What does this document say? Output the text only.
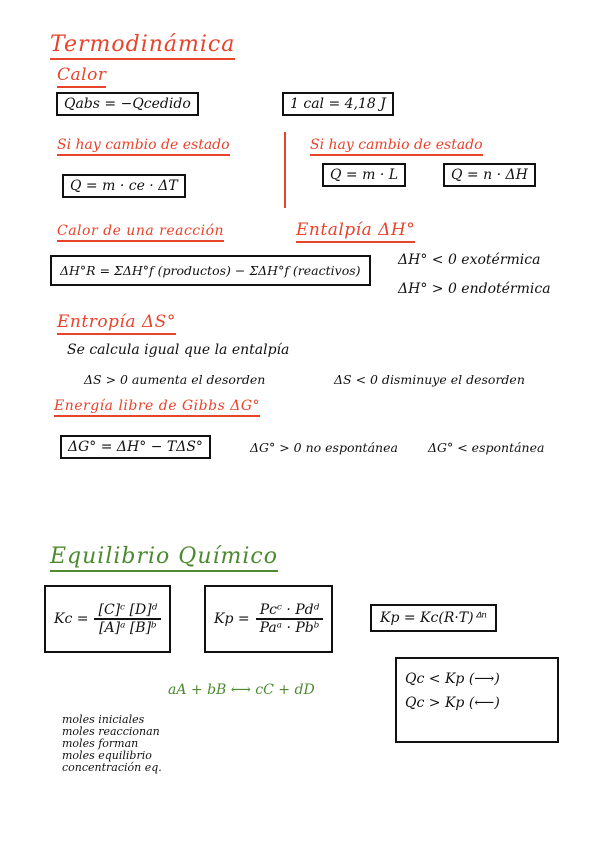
Termodinámica
Calor
Qabs = −Qcedido	1 cal = 4,18 J
Si hay cambio de estado	Si hay cambio de estado
Q = m · ce · ΔT
Q = m · L	Q = n · ΔH
Calor de una reacción	Entalpía ΔH°
ΔH°R = ΣΔH°f (productos) − ΣΔH°f (reactivos)
ΔH° < 0 exotérmica
ΔH° > 0 endotérmica
Entropía ΔS°
Se calcula igual que la entalpía
ΔS > 0 aumenta el desorden	ΔS < 0 disminuye el desorden
Energía libre de Gibbs ΔG°
ΔG° = ΔH° − TΔS°	ΔG° > 0 no espontánea ΔG° < espontánea
Equilibrio Químico
$Kc = \frac{\text{[C]ᶜ [D]ᵈ}}{\text{[A]ᵃ [B]ᵇ}}$	$Kp = \frac{\text{Pcᶜ · Pdᵈ}}{\text{Paᵃ · Pbᵇ}}$	Kp = Kc(R·T)ᐞⁿ
aA + bB ⟷ cC + dD
Qc < Kp (⟶)
Qc > Kp (⟵)
moles iniciales
moles reaccionan
moles forman
moles equilibrio
concentración eq.
